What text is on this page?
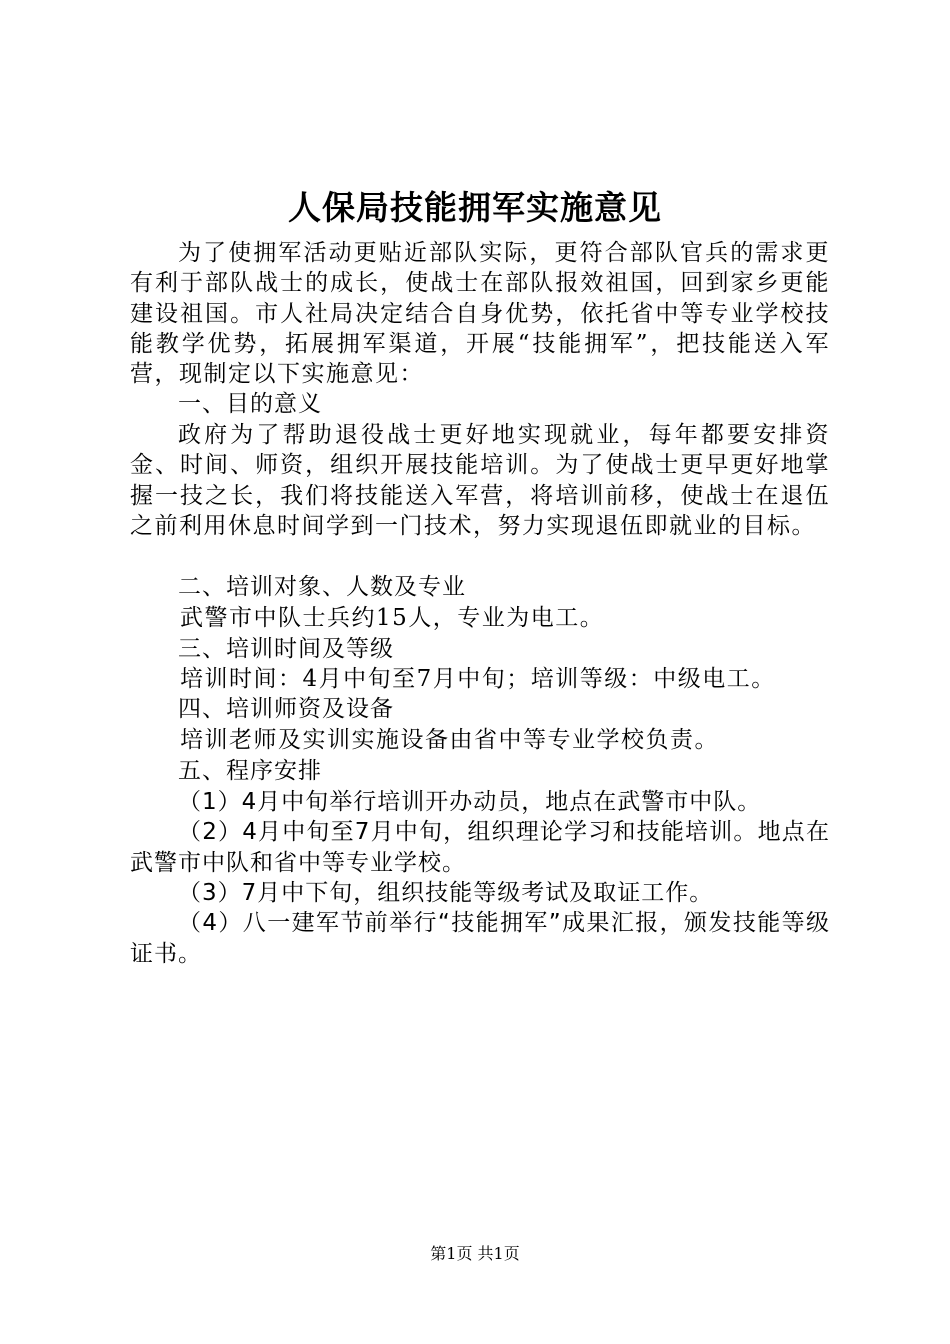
人保局技能拥军实施意见

为了使拥军活动更贴近部队实际，更符合部队官兵的需求更有利于部队战士的成长，使战士在部队报效祖国，回到家乡更能建设祖国。市人社局决定结合自身优势，依托省中等专业学校技能教学优势，拓展拥军渠道，开展“技能拥军”，把技能送入军营，现制定以下实施意见：

一、目的意义

政府为了帮助退役战士更好地实现就业，每年都要安排资金、时间、师资，组织开展技能培训。为了使战士更早更好地掌握一技之长，我们将技能送入军营，将培训前移，使战士在退伍之前利用休息时间学到一门技术，努力实现退伍即就业的目标。

二、培训对象、人数及专业

武警市中队士兵约15人，专业为电工。

三、培训时间及等级

培训时间：4月中旬至7月中旬；培训等级：中级电工。

四、培训师资及设备

培训老师及实训实施设备由省中等专业学校负责。

五、程序安排

（1）4月中旬举行培训开办动员，地点在武警市中队。

（2）4月中旬至7月中旬，组织理论学习和技能培训。地点在武警市中队和省中等专业学校。

（3）7月中下旬，组织技能等级考试及取证工作。

（4）八一建军节前举行“技能拥军”成果汇报，颁发技能等级证书。

第1页 共1页
